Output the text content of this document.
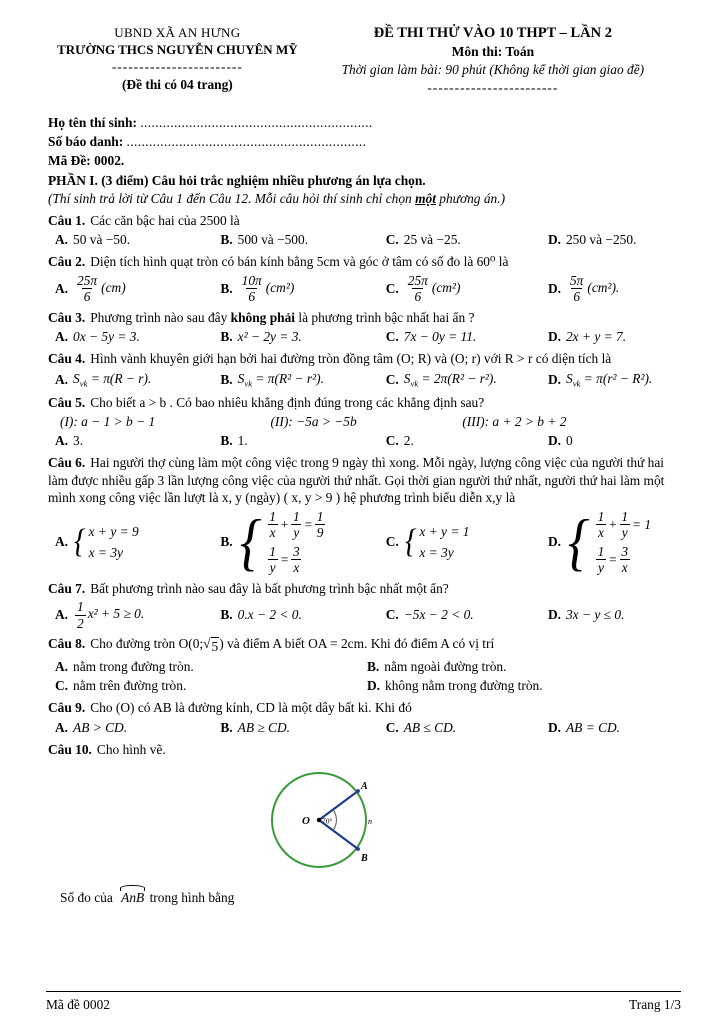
UBND XÃ AN HƯNG
TRƯỜNG THCS NGUYỄN CHUYÊN MỸ
------------------------
(Đề thi có 04 trang)
ĐỀ THI THỬ VÀO 10 THPT – LẦN 2
Môn thi: Toán
Thời gian làm bài: 90 phút (Không kể thời gian giao đề)
------------------------
Họ tên thí sinh: ..............................................................
Số báo danh: ................................................................
Mã Đề: 0002.
PHẦN I. (3 điểm) Câu hỏi trắc nghiệm nhiều phương án lựa chọn.
(Thí sinh trả lời từ Câu 1 đến Câu 12. Mỗi câu hỏi thí sinh chỉ chọn một phương án.)
Câu 1. Các căn bậc hai của 2500 là
A. 50 và −50.	B. 500 và −500.	C. 25 và −25.	D. 250 và −250.
Câu 2. Diện tích hình quạt tròn có bán kính bằng 5cm và góc ở tâm có số đo là 60⁰ là
A. $\frac{25\pi}{6} (cm)$	B. $\frac{10\pi}{6} (cm^2)$	C. $\frac{25\pi}{6} (cm^2)$	D. $\frac{5\pi}{6} (cm^2)$.
Câu 3. Phương trình nào sau đây không phải là phương trình bậc nhất hai ẩn ?
A. 0x − 5y = 3.	B. x² − 2y = 3.	C. 7x − 0y = 11.	D. 2x + y = 7.
Câu 4. Hình vành khuyên giới hạn bởi hai đường tròn đồng tâm (O; R) và (O; r) với R > r có diện tích là
A. $S_{vk} = \pi(R - r)$.	B. $S_{vk} = \pi(R^2 - r^2)$.	C. $S_{vk} = 2\pi(R^2 - r^2)$.	D. $S_{vk} = \pi(r^2 - R^2)$.
Câu 5. Cho biết a > b . Có bao nhiêu khẳng định đúng trong các khẳng định sau?
(I): a − 1 > b − 1	(II): −5a > −5b	(III): a + 2 > b + 2
A. 3.	B. 1.	C. 2.	D. 0
Câu 6. Hai người thợ cùng làm một công việc trong 9 ngày thì xong. Mỗi ngày, lượng công việc của người thứ hai làm được nhiều gấp 3 lần lượng công việc của người thứ nhất. Gọi thời gian người thứ nhất, người thứ hai làm một mình xong công việc lần lượt là x, y (ngày) ( x, y > 9 ) hệ phương trình biểu diễn x,y là
A. { x + y = 9
x = 3y
B. { $\frac{1}{x} + \frac{1}{y} = \frac{1}{9}$
$\frac{1}{y} = \frac{3}{x}$
C. { x + y = 1
x = 3y
D. { $\frac{1}{x} + \frac{1}{y} = 1$
$\frac{1}{y} = \frac{3}{x}$
Câu 7. Bất phương trình nào sau đây là bất phương trình bậc nhất một ẩn?
A. $\frac{1}{2} x^2 + 5 \ge 0$.	B. 0.x − 2 < 0.	C. −5x − 2 < 0.	D. 3x − y ≤ 0.
Câu 8. Cho đường tròn O(0; √ 5 ) và điểm A biết OA = 2cm. Khi đó điểm A có vị trí
A. nằm trong đường tròn.	B. nằm ngoài đường tròn.
C. nằm trên đường tròn.	D. không nằm trong đường tròn.
Câu 9. Cho (O) có AB là đường kính, CD là một dây bất kì. Khi đó
A. AB > CD.	B. AB ≥ CD.	C. AB ≤ CD.	D. AB = CD.
Câu 10. Cho hình vẽ.
O
A
B
70°	n
Số đo của AnB trong hình bằng
Mã đề 0002	Trang 1/3
